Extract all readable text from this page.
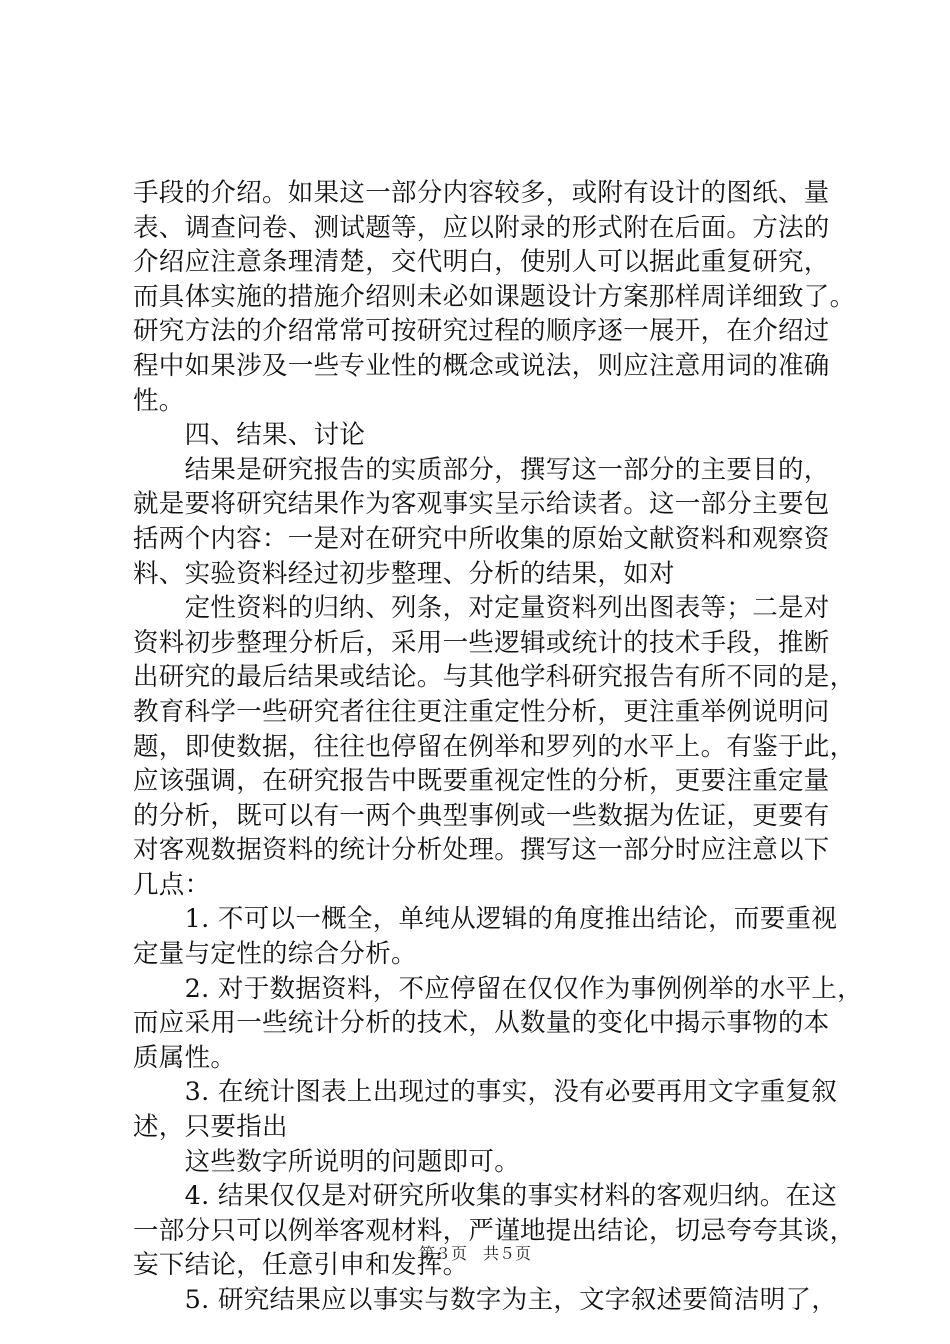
手段的介绍。如果这一部分内容较多，或附有设计的图纸、量
表、调查问卷、测试题等，应以附录的形式附在后面。方法的
介绍应注意条理清楚，交代明白，使别人可以据此重复研究，
而具体实施的措施介绍则未必如课题设计方案那样周详细致了。
研究方法的介绍常常可按研究过程的顺序逐一展开，在介绍过
程中如果涉及一些专业性的概念或说法，则应注意用词的准确
性。
　　四、结果、讨论
　　结果是研究报告的实质部分，撰写这一部分的主要目的，
就是要将研究结果作为客观事实呈示给读者。这一部分主要包
括两个内容：一是对在研究中所收集的原始文献资料和观察资
料、实验资料经过初步整理、分析的结果，如对
　　定性资料的归纳、列条，对定量资料列出图表等；二是对
资料初步整理分析后，采用一些逻辑或统计的技术手段，推断
出研究的最后结果或结论。与其他学科研究报告有所不同的是，
教育科学一些研究者往往更注重定性分析，更注重举例说明问
题，即使数据，往往也停留在例举和罗列的水平上。有鉴于此，
应该强调，在研究报告中既要重视定性的分析，更要注重定量
的分析，既可以有一两个典型事例或一些数据为佐证，更要有
对客观数据资料的统计分析处理。撰写这一部分时应注意以下
几点：
　　1. 不可以一概全，单纯从逻辑的角度推出结论，而要重视
定量与定性的综合分析。
　　2. 对于数据资料，不应停留在仅仅作为事例例举的水平上，
而应采用一些统计分析的技术，从数量的变化中揭示事物的本
质属性。
　　3. 在统计图表上出现过的事实，没有必要再用文字重复叙
述，只要指出
　　这些数字所说明的问题即可。
　　4. 结果仅仅是对研究所收集的事实材料的客观归纳。在这
一部分只可以例举客观材料，严谨地提出结论，切忌夸夸其谈，
妄下结论，任意引申和发挥。
　　5. 研究结果应以事实与数字为主，文字叙述要简洁明了，
第３页　共５页
